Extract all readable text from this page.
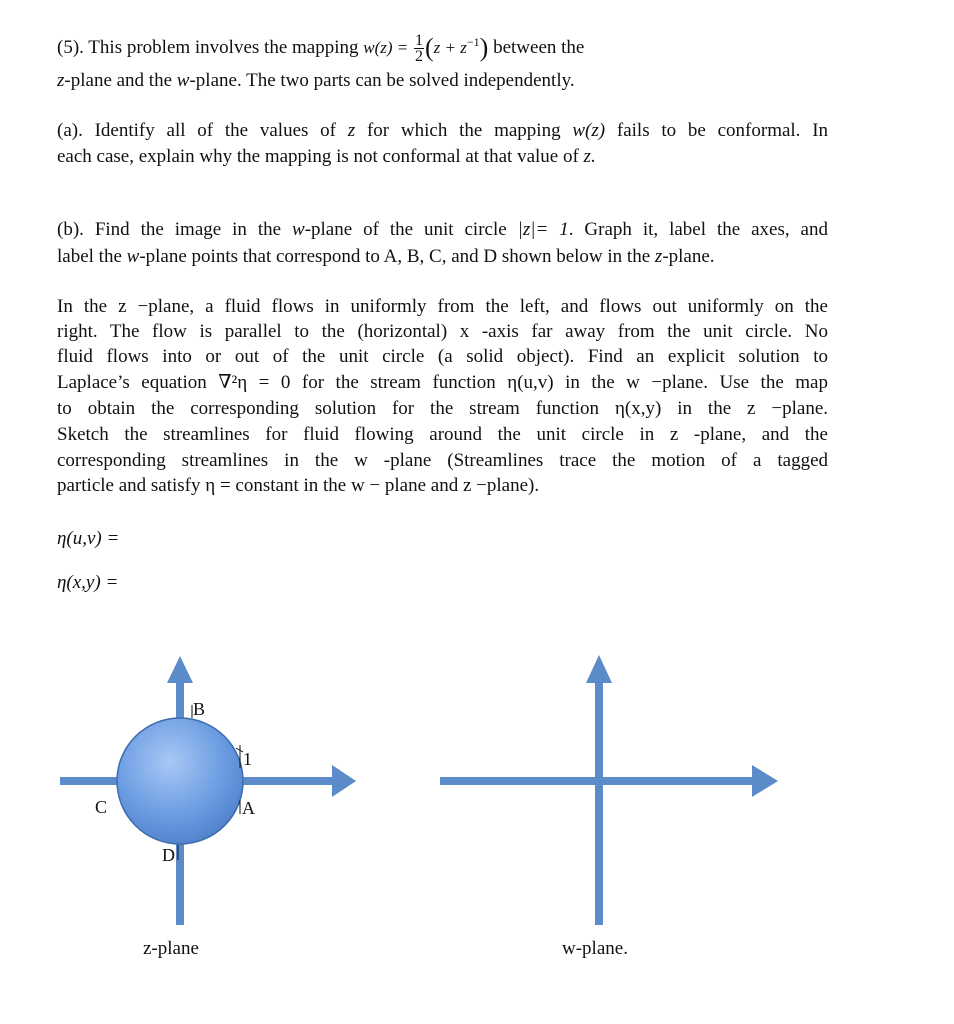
(5). This problem involves the mapping $w(z) = \frac{1}{2} (z + z^{-1})$ between the
z-plane and the w-plane. The two parts can be solved independently.
(a). Identify all of the values of z for which the mapping w(z) fails to be conformal. In
each case, explain why the mapping is not conformal at that value of z.
(b). Find the image in the w-plane of the unit circle |z|= 1. Graph it, label the axes, and
label the w-plane points that correspond to A, B, C, and D shown below in the z-plane.
In the z −plane, a fluid flows in uniformly from the left, and flows out uniformly on the
right. The flow is parallel to the (horizontal) x -axis far away from the unit circle. No
fluid flows into or out of the unit circle (a solid object). Find an explicit solution to
Laplace’s equation ∇²η = 0 for the stream function η(u,v) in the w −plane. Use the map
to obtain the corresponding solution for the stream function η(x,y) in the z −plane.
Sketch the streamlines for fluid flowing around the unit circle in z -plane, and the
corresponding streamlines in the w -plane (Streamlines trace the motion of a tagged
particle and satisfy η = constant in the w − plane and z −plane).
η(u,v) =
η(x,y) =
B
1
A
C
D
z-plane	w-plane.
